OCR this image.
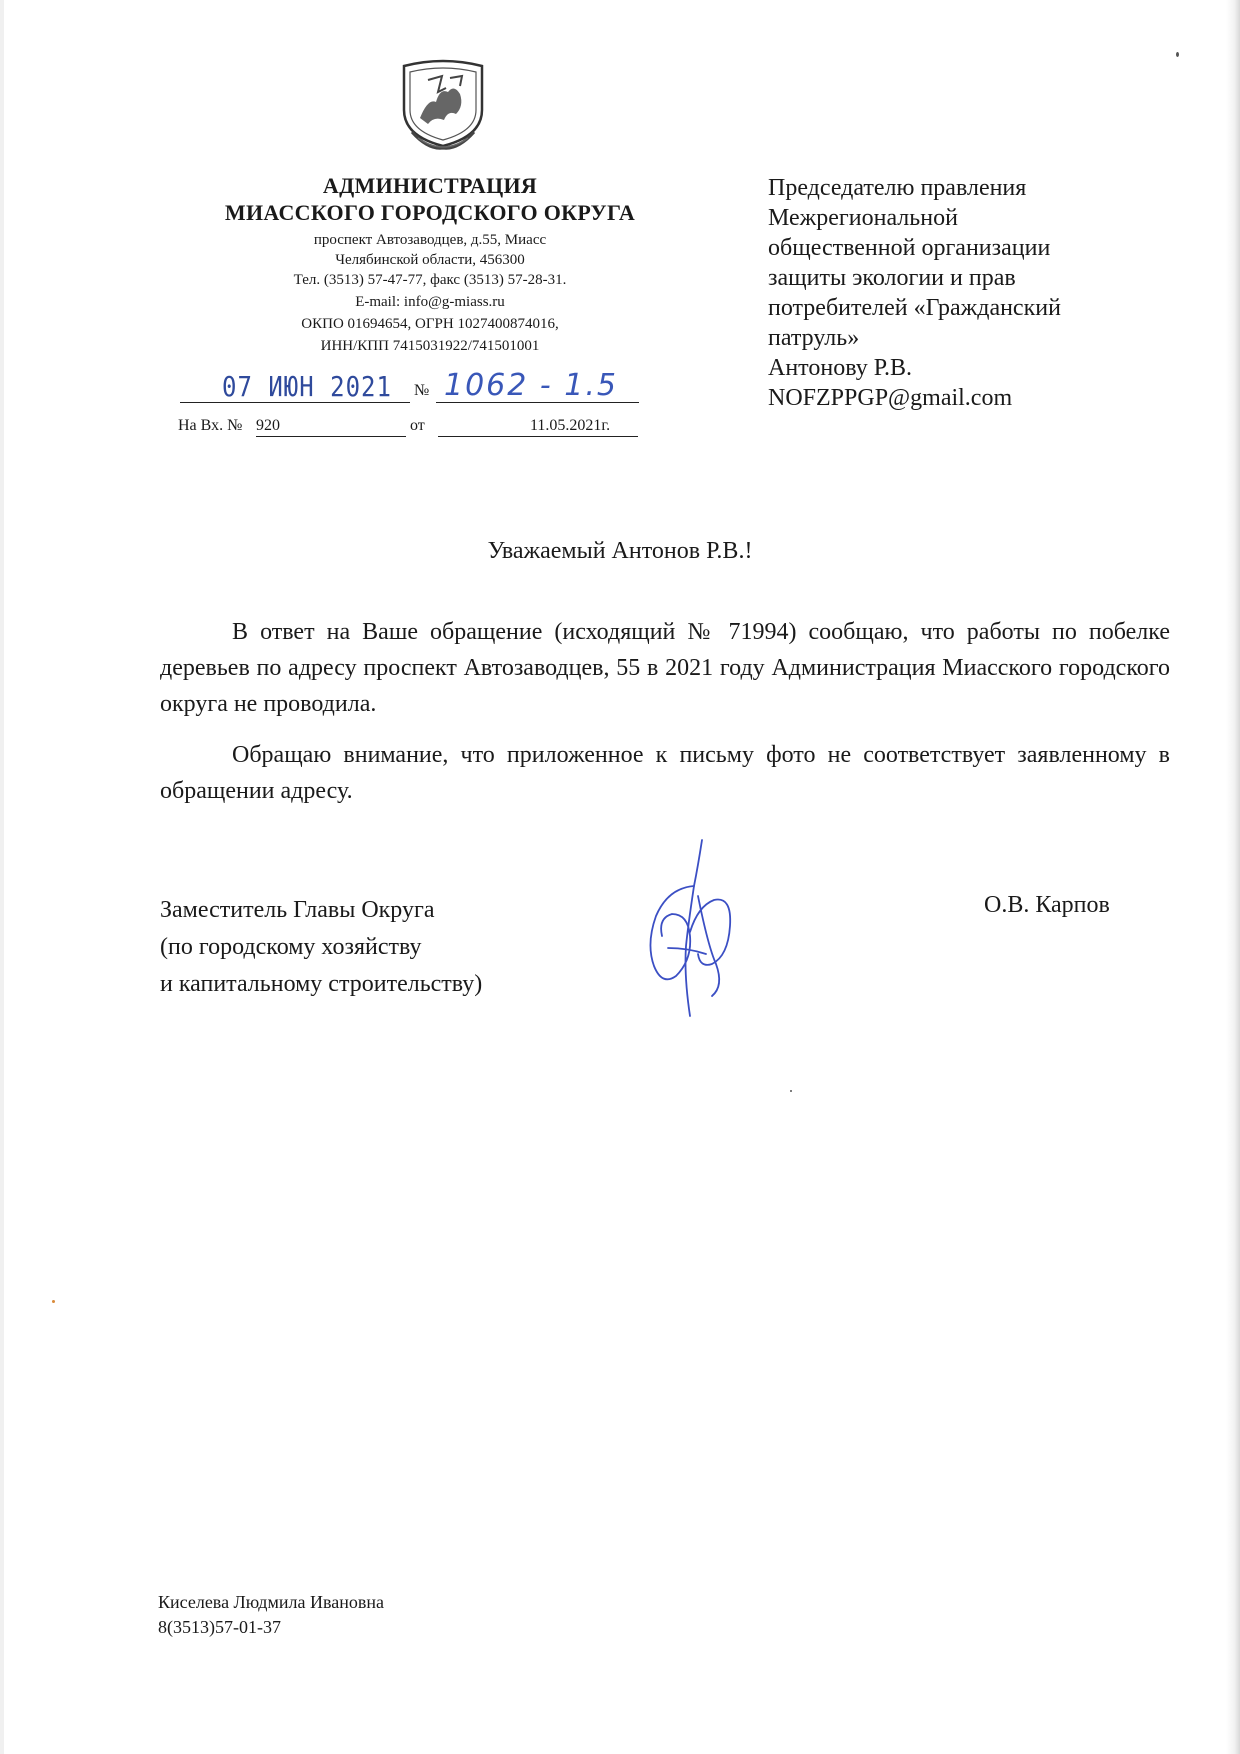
АДМИНИСТРАЦИЯ
МИАССКОГО ГОРОДСКОГО ОКРУГА
проспект Автозаводцев, д.55, Миасс
Челябинской области, 456300
Тел. (3513) 57-47-77, факс (3513) 57-28-31.
E-mail: info@g-miass.ru
ОКПО 01694654, ОГРН 1027400874016,
ИНН/КПП 7415031922/741501001
07 ИЮН 2021 № 1062 - 1.5
На Вх. № 920	от	11.05.2021г.
Председателю правления
Межрегиональной
общественной организации
защиты экологии и прав
потребителей «Гражданский
патруль»
Антонову Р.В.
NOFZPPGP@gmail.com
Уважаемый Антонов Р.В.!
В ответ на Ваше обращение (исходящий № 71994) сообщаю, что работы по побелке деревьев по адресу проспект Автозаводцев, 55 в 2021 году Администрация Миасского городского округа не проводила.
Обращаю внимание, что приложенное к письму фото не соответствует заявленному в обращении адресу.
Заместитель Главы Округа
(по городскому хозяйству
и капитальному строительству)
О.В. Карпов
Киселева Людмила Ивановна
8(3513)57-01-37
